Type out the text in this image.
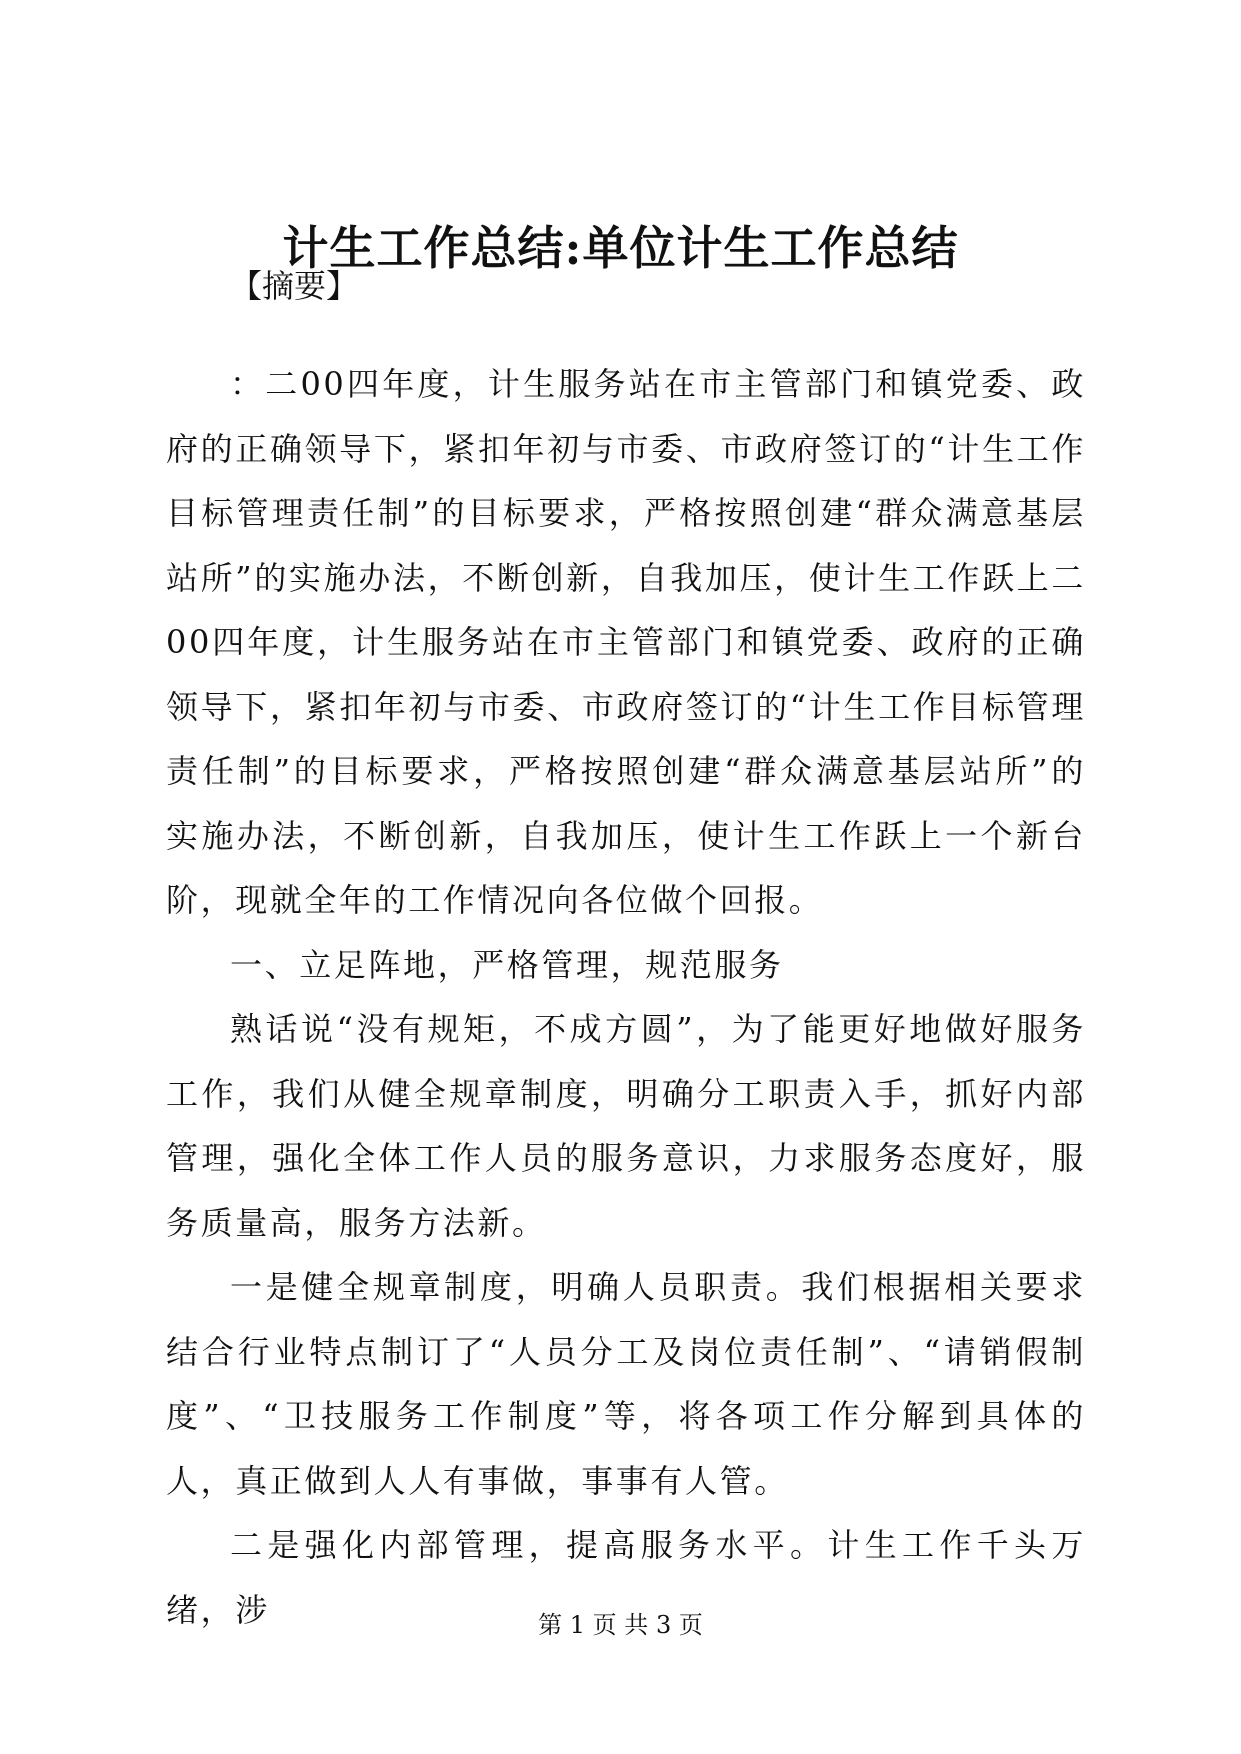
计生工作总结:单位计生工作总结

【摘要】

：二00四年度，计生服务站在市主管部门和镇党委、政府的正确领导下，紧扣年初与市委、市政府签订的“计生工作目标管理责任制”的目标要求，严格按照创建“群众满意基层站所”的实施办法，不断创新，自我加压，使计生工作跃上二00四年度，计生服务站在市主管部门和镇党委、政府的正确领导下，紧扣年初与市委、市政府签订的“计生工作目标管理责任制”的目标要求，严格按照创建“群众满意基层站所”的实施办法，不断创新，自我加压，使计生工作跃上一个新台阶，现就全年的工作情况向各位做个回报。

一、立足阵地，严格管理，规范服务

熟话说“没有规矩，不成方圆”，为了能更好地做好服务工作，我们从健全规章制度，明确分工职责入手，抓好内部管理，强化全体工作人员的服务意识，力求服务态度好，服务质量高，服务方法新。

一是健全规章制度，明确人员职责。我们根据相关要求结合行业特点制订了“人员分工及岗位责任制”、“请销假制度”、“卫技服务工作制度”等，将各项工作分解到具体的人，真正做到人人有事做，事事有人管。

二是强化内部管理，提高服务水平。计生工作千头万绪，涉	第 1 页 共 3 页
